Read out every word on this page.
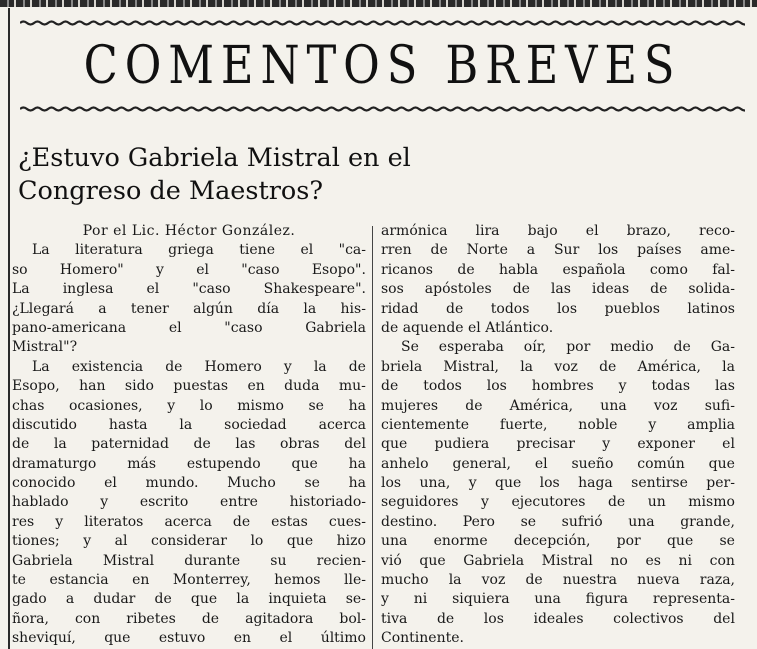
COMENTOS BREVES
¿Estuvo Gabriela Mistral en el
Congreso de Maestros?
Por el Lic. Héctor González.
La literatura griega tiene el "ca-
so Homero" y el "caso Esopo".
La inglesa el "caso Shakespeare".
¿Llegará a tener algún día la his-
pano-americana	el	"caso	Gabriela
Mistral"?
La existencia de Homero y la de
Esopo, han sido puestas en duda mu-
chas ocasiones, y lo mismo se ha
discutido hasta la sociedad acerca
de la paternidad de las obras del
dramaturgo más estupendo que ha
conocido el mundo. Mucho se ha
hablado y escrito entre historiado-
res y literatos acerca de estas cues-
tiones; y al considerar lo que hizo
Gabriela Mistral durante su recien-
te estancia en Monterrey, hemos lle-
gado a dudar de que la inquieta se-
ñora, con ribetes de agitadora bol-
sheviquí, que estuvo en el último
armónica lira bajo el brazo, reco-
rren de Norte a Sur los países ame-
ricanos de habla española como fal-
sos apóstoles de las ideas de solida-
ridad de todos los pueblos latinos
de aquende el Atlántico.
Se esperaba oír, por medio de Ga-
briela Mistral, la voz de América, la
de todos los hombres y todas las
mujeres de América, una voz sufi-
cientemente fuerte, noble y amplia
que pudiera precisar y exponer el
anhelo general, el sueño común que
los una, y que los haga sentirse per-
seguidores y ejecutores de un mismo
destino. Pero se sufrió una grande,
una enorme decepción, por que se
vió que Gabriela Mistral no es ni con
mucho la voz de nuestra nueva raza,
y ni siquiera una figura representa-
tiva de los ideales colectivos del
Continente.
